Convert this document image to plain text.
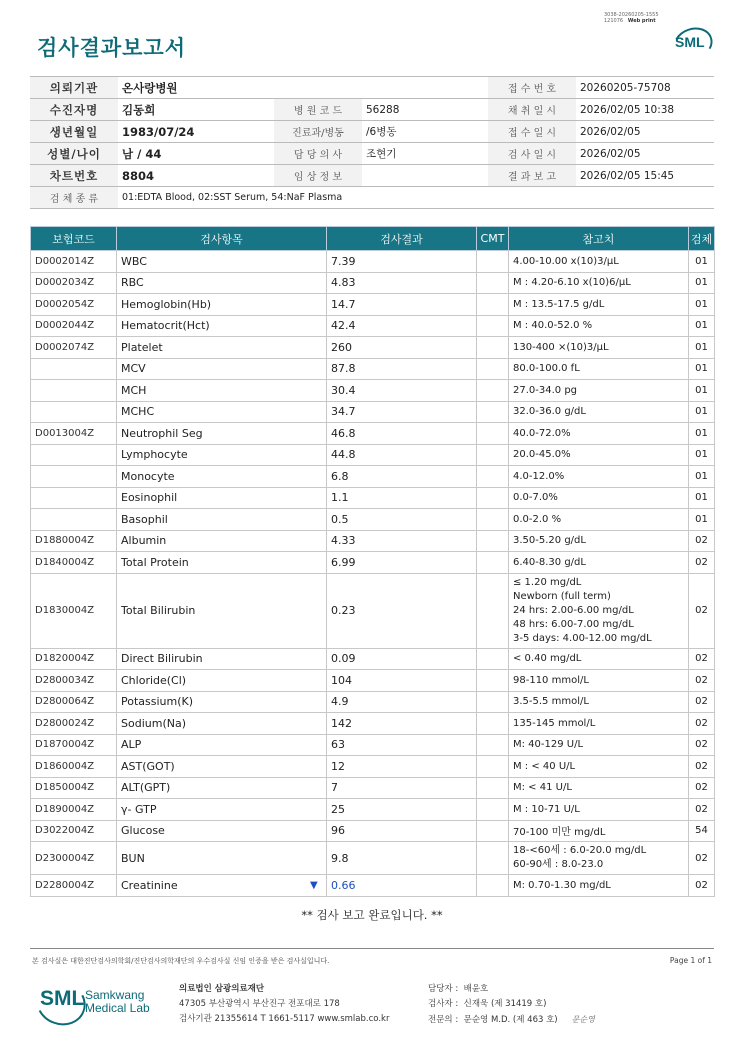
검사결과보고서
3038-20260205-1555
121076 Web print
SML
의뢰기관	온사랑병원			접 수 번 호	20260205-75708
수진자명	김동희	병 원 코 드	56288	채 취 일 시	2026/02/05 10:38
생년월일	1983/07/24	진료과/병동	/6병동	접 수 일 시	2026/02/05
성별/나이	남 / 44	담 당 의 사	조현기	검 사 일 시	2026/02/05
차트번호	8804	임 상 정 보		결 과 보 고	2026/02/05 15:45
검 체 종 류	01:EDTA Blood, 02:SST Serum, 54:NaF Plasma				
보험코드	검사항목	검사결과	CMT	참고치	검체
D0002014Z	WBC	7.39		4.00-10.00 x(10)3/μL	01
D0002034Z	RBC	4.83		M : 4.20-6.10 x(10)6/μL	01
D0002054Z	Hemoglobin(Hb)	14.7		M : 13.5-17.5 g/dL	01
D0002044Z	Hematocrit(Hct)	42.4		M : 40.0-52.0 %	01
D0002074Z	Platelet	260		130-400 ×(10)3/μL	01
	MCV	87.8		80.0-100.0 fL	01
	MCH	30.4		27.0-34.0 pg	01
	MCHC	34.7		32.0-36.0 g/dL	01
D0013004Z	Neutrophil Seg	46.8		40.0-72.0%	01
	Lymphocyte	44.8		20.0-45.0%	01
	Monocyte	6.8		4.0-12.0%	01
	Eosinophil	1.1		0.0-7.0%	01
	Basophil	0.5		0.0-2.0 %	01
D1880004Z	Albumin	4.33		3.50-5.20 g/dL	02
D1840004Z	Total Protein	6.99		6.40-8.30 g/dL	02
D1830004Z	Total Bilirubin	0.23		≤ 1.20 mg/dL
Newborn (full term)
24 hrs: 2.00-6.00 mg/dL
48 hrs: 6.00-7.00 mg/dL
3-5 days: 4.00-12.00 mg/dL	02
D1820004Z	Direct Bilirubin	0.09		< 0.40 mg/dL	02
D2800034Z	Chloride(Cl)	104		98-110 mmol/L	02
D2800064Z	Potassium(K)	4.9		3.5-5.5 mmol/L	02
D2800024Z	Sodium(Na)	142		135-145 mmol/L	02
D1870004Z	ALP	63		M: 40-129 U/L	02
D1860004Z	AST(GOT)	12		M : < 40 U/L	02
D1850004Z	ALT(GPT)	7		M: < 41 U/L	02
D1890004Z	γ- GTP	25		M : 10-71 U/L	02
D3022004Z	Glucose	96		70-100 미만 mg/dL	54
D2300004Z	BUN	9.8		18-<60세 : 6.0-20.0 mg/dL
60-90세 : 8.0-23.0	02
D2280004Z	Creatinine	▼ 0.66		M: 0.70-1.30 mg/dL	02
** 검사 보고 완료입니다. **
본 검사실은 대한진단검사의학회/진단검사의학재단의 우수검사실 신임 인증을 받은 검사실입니다.	Page 1 of 1
SML Samkwang
Medical Lab
의료법인 삼광의료재단
47305 부산광역시 부산진구 전포대로 178
검사기관 21355614 T 1661-5117 www.smlab.co.kr
담당자 : 배윤호
검사자 : 신재욱 (제 31419 호)
전문의 : 문순영 M.D. (제 463 호) 문순영
